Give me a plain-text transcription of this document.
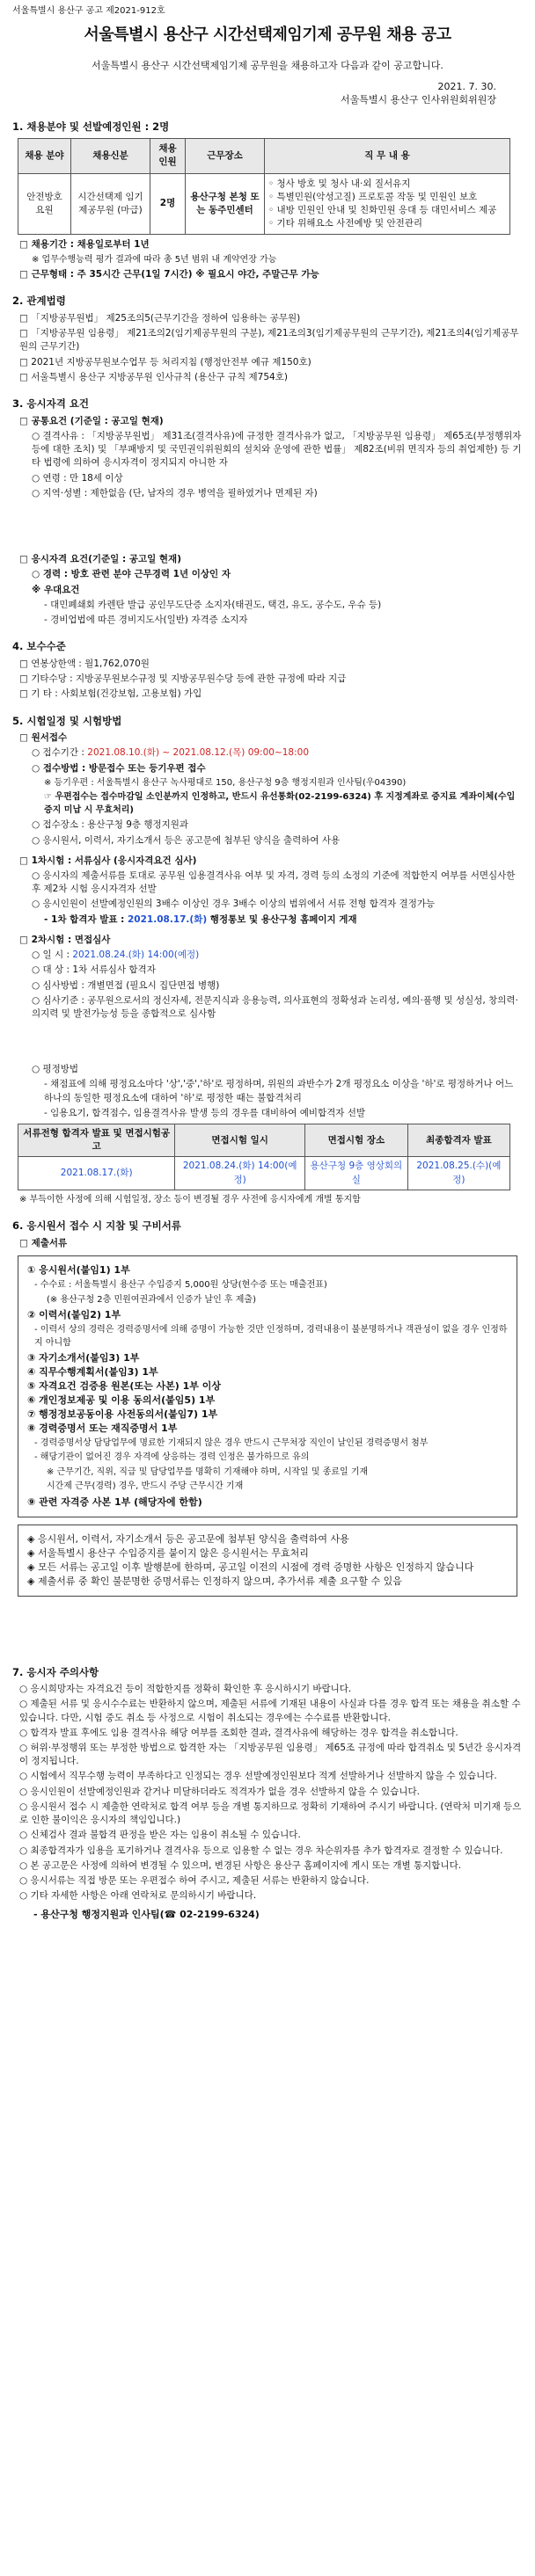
서울특별시 용산구 공고 제2021-912호
서울특별시 용산구 시간선택제임기제 공무원 채용 공고
서울특별시 용산구 시간선택제임기제 공무원을 채용하고자 다음과 같이 공고합니다.
2021. 7. 30.
서울특별시 용산구 인사위원회위원장
1. 채용분야 및 선발예정인원 : 2명
채용 분야	채용신분	채용 인원	근무장소	직 무 내 용
안전방호 요원	시간선택제 임기제공무원 (마급)	2명	용산구청 본청 또는 동주민센터	◦ 청사 방호 및 청사 내·외 질서유지
◦ 특별민원(악성고질) 프로토콜 작동 및 민원인 보호
◦ 내방 민원인 안내 및 친화민원 응대 등 대민서비스 제공
◦ 기타 위해요소 사전예방 및 안전관리
□ 채용기간 : 채용일로부터 1년
※ 업무수행능력 평가 결과에 따라 총 5년 범위 내 계약연장 가능
□ 근무형태 : 주 35시간 근무(1일 7시간) ※ 필요시 야간, 주말근무 가능
2. 관계법령
□ 「지방공무원법」 제25조의5(근무기간을 정하여 임용하는 공무원)
□ 「지방공무원 임용령」 제21조의2(임기제공무원의 구분), 제21조의3(임기제공무원의 근무기간), 제21조의4(임기제공무원의 근무기간)
□ 2021년 지방공무원보수업무 등 처리지침 (행정안전부 예규 제150호)
□ 서울특별시 용산구 지방공무원 인사규칙 (용산구 규칙 제754호)
3. 응시자격 요건
□ 공통요건 (기준일 : 공고일 현재)
○ 결격사유 : 「지방공무원법」 제31조(결격사유)에 규정한 결격사유가 없고, 「지방공무원 임용령」 제65조(부정행위자 등에 대한 조치) 및 「부패방지 및 국민권익위원회의 설치와 운영에 관한 법률」 제82조(비위 면직자 등의 취업제한) 등 기타 법령에 의하여 응시자격이 정지되지 아니한 자
○ 연령 : 만 18세 이상
○ 지역·성별 : 제한없음 (단, 남자의 경우 병역을 필하였거나 면제된 자)
□ 응시자격 요건(기준일 : 공고일 현재)
○ 경력 : 방호 관련 분야 근무경력 1년 이상인 자
※ 우대요건
- 대민폐쇄회 카렌탄 발급 공인무도단증 소지자(태권도, 택견, 유도, 공수도, 우슈 등)
- 경비업법에 따른 경비지도사(일반) 자격증 소지자
4. 보수수준
□ 연봉상한액 : 월1,762,070원
□ 기타수당 : 지방공무원보수규정 및 지방공무원수당 등에 관한 규정에 따라 지급
□ 기 타 : 사회보험(건강보험, 고용보험) 가입
5. 시험일정 및 시험방법
□ 원서접수
○ 접수기간 : 2021.08.10.(화) ~ 2021.08.12.(목) 09:00~18:00
○ 접수방법 : 방문접수 또는 등기우편 접수
※ 등기우편 : 서울특별시 용산구 녹사평대로 150, 용산구청 9층 행정지원과 인사팀(우04390)
☞ 우편접수는 접수마감일 소인분까지 인정하고, 반드시 유선통화(02-2199-6324) 후 지정계좌로 증지료 계좌이체(수입증지 미납 시 무효처리)
○ 접수장소 : 용산구청 9층 행정지원과
○ 응시원서, 이력서, 자기소개서 등은 공고문에 첨부된 양식을 출력하여 사용
□ 1차시험 : 서류심사 (응시자격요건 심사)
○ 응시자의 제출서류를 토대로 공무원 임용결격사유 여부 및 자격, 경력 등의 소정의 기준에 적합한지 여부를 서면심사한 후 제2차 시험 응시자격자 선발
○ 응시인원이 선발예정인원의 3배수 이상인 경우 3배수 이상의 범위에서 서류 전형 합격자 결정가능
- 1차 합격자 발표 : 2021.08.17.(화) 행정통보 및 용산구청 홈페이지 게재
□ 2차시험 : 면접심사
○ 일 시 : 2021.08.24.(화) 14:00(예정)
○ 대 상 : 1차 서류심사 합격자
○ 심사방법 : 개별면접 (필요시 집단면접 병행)
○ 심사기준 : 공무원으로서의 정신자세, 전문지식과 응용능력, 의사표현의 정확성과 논리성, 예의·품행 및 성실성, 창의력·의지력 및 발전가능성 등을 종합적으로 심사함
○ 평정방법
- 채점표에 의해 평정요소마다 '상','중','하'로 평정하며, 위원의 과반수가 2개 평정요소 이상을 '하'로 평정하거나 어느 하나의 동일한 평정요소에 대하여 '하'로 평정한 때는 불합격처리
- 임용요기, 합격점수, 임용결격사유 발생 등의 경우를 대비하여 예비합격자 선발
서류전형 합격자 발표 및 면접시험공고	면접시험 일시	면접시험 장소	최종합격자 발표
2021.08.17.(화)	2021.08.24.(화) 14:00(예정)	용산구청 9층 영상회의실	2021.08.25.(수)(예정)
※ 부득이한 사정에 의해 시험일정, 장소 등이 변경될 경우 사전에 응시자에게 개별 통지함
6. 응시원서 접수 시 지참 및 구비서류
□ 제출서류
① 응시원서(붙임1) 1부
- 수수료 : 서울특별시 용산구 수입증지 5,000원 상당(현수증 또는 매출전표)
(※ 용산구청 2층 민원여권과에서 인증가 날인 후 제출)
② 이력서(붙임2) 1부
- 이력서 상의 경력은 경력증명서에 의해 증명이 가능한 것만 인정하며, 경력내용이 불분명하거나 객관성이 없을 경우 인정하지 아니함
③ 자기소개서(붙임3) 1부
④ 직무수행계획서(붙임3) 1부
⑤ 자격요건 검증용 원본(또는 사본) 1부 이상
⑥ 개인정보제공 및 이용 동의서(붙임5) 1부
⑦ 행정정보공동이용 사전동의서(붙임7) 1부
⑧ 경력증명서 또는 재직증명서 1부
- 경력증명서상 담당업무에 명료한 기재되지 않은 경우 반드시 근무처장 직인이 날인된 경력증명서 첨부
- 해당기관이 없어진 경우 자격에 상응하는 경력 인정은 불가하므로 유의
※ 근무기간, 직위, 직급 및 담당업무를 명확히 기재해야 하며, 시작일 및 종료일 기재
시간제 근무(경력) 경우, 반드시 주당 근무시간 기재
⑨ 관련 자격증 사본 1부 (해당자에 한함)
◈ 응시원서, 이력서, 자기소개서 등은 공고문에 첨부된 양식을 출력하여 사용
◈ 서울특별시 용산구 수입증지를 붙이지 않은 응시원서는 무효처리
◈ 모든 서류는 공고일 이후 발행분에 한하며, 공고일 이전의 시점에 경력 증명한 사항은 인정하지 않습니다
◈ 제출서류 중 확인 불분명한 증명서류는 인정하지 않으며, 추가서류 제출 요구할 수 있음
7. 응시자 주의사항
○ 응시희망자는 자격요건 등이 적합한지를 정확히 확인한 후 응시하시기 바랍니다.
○ 제출된 서류 및 응시수수료는 반환하지 않으며, 제출된 서류에 기재된 내용이 사실과 다를 경우 합격 또는 채용을 취소할 수 있습니다. 다만, 시험 중도 취소 등 사정으로 시험이 취소되는 경우에는 수수료를 반환합니다.
○ 합격자 발표 후에도 임용 결격사유 해당 여부를 조회한 결과, 결격사유에 해당하는 경우 합격을 취소합니다.
○ 허위·부정행위 또는 부정한 방법으로 합격한 자는 「지방공무원 임용령」 제65조 규정에 따라 합격취소 및 5년간 응시자격이 정지됩니다.
○ 시험에서 직무수행 능력이 부족하다고 인정되는 경우 선발예정인원보다 적게 선발하거나 선발하지 않을 수 있습니다.
○ 응시인원이 선발예정인원과 같거나 미달하더라도 적격자가 없을 경우 선발하지 않을 수 있습니다.
○ 응시원서 접수 시 제출한 연락처로 합격 여부 등을 개별 통지하므로 정확히 기재하여 주시기 바랍니다. (연락처 미기재 등으로 인한 불이익은 응시자의 책임입니다.)
○ 신체검사 결과 불합격 판정을 받은 자는 임용이 취소될 수 있습니다.
○ 최종합격자가 임용을 포기하거나 결격사유 등으로 임용할 수 없는 경우 차순위자를 추가 합격자로 결정할 수 있습니다.
○ 본 공고문은 사정에 의하여 변경될 수 있으며, 변경된 사항은 용산구 홈페이지에 게시 또는 개별 통지합니다.
○ 응시서류는 직접 방문 또는 우편접수 하여 주시고, 제출된 서류는 반환하지 않습니다.
○ 기타 자세한 사항은 아래 연락처로 문의하시기 바랍니다.
- 용산구청 행정지원과 인사팀(☎ 02-2199-6324)
